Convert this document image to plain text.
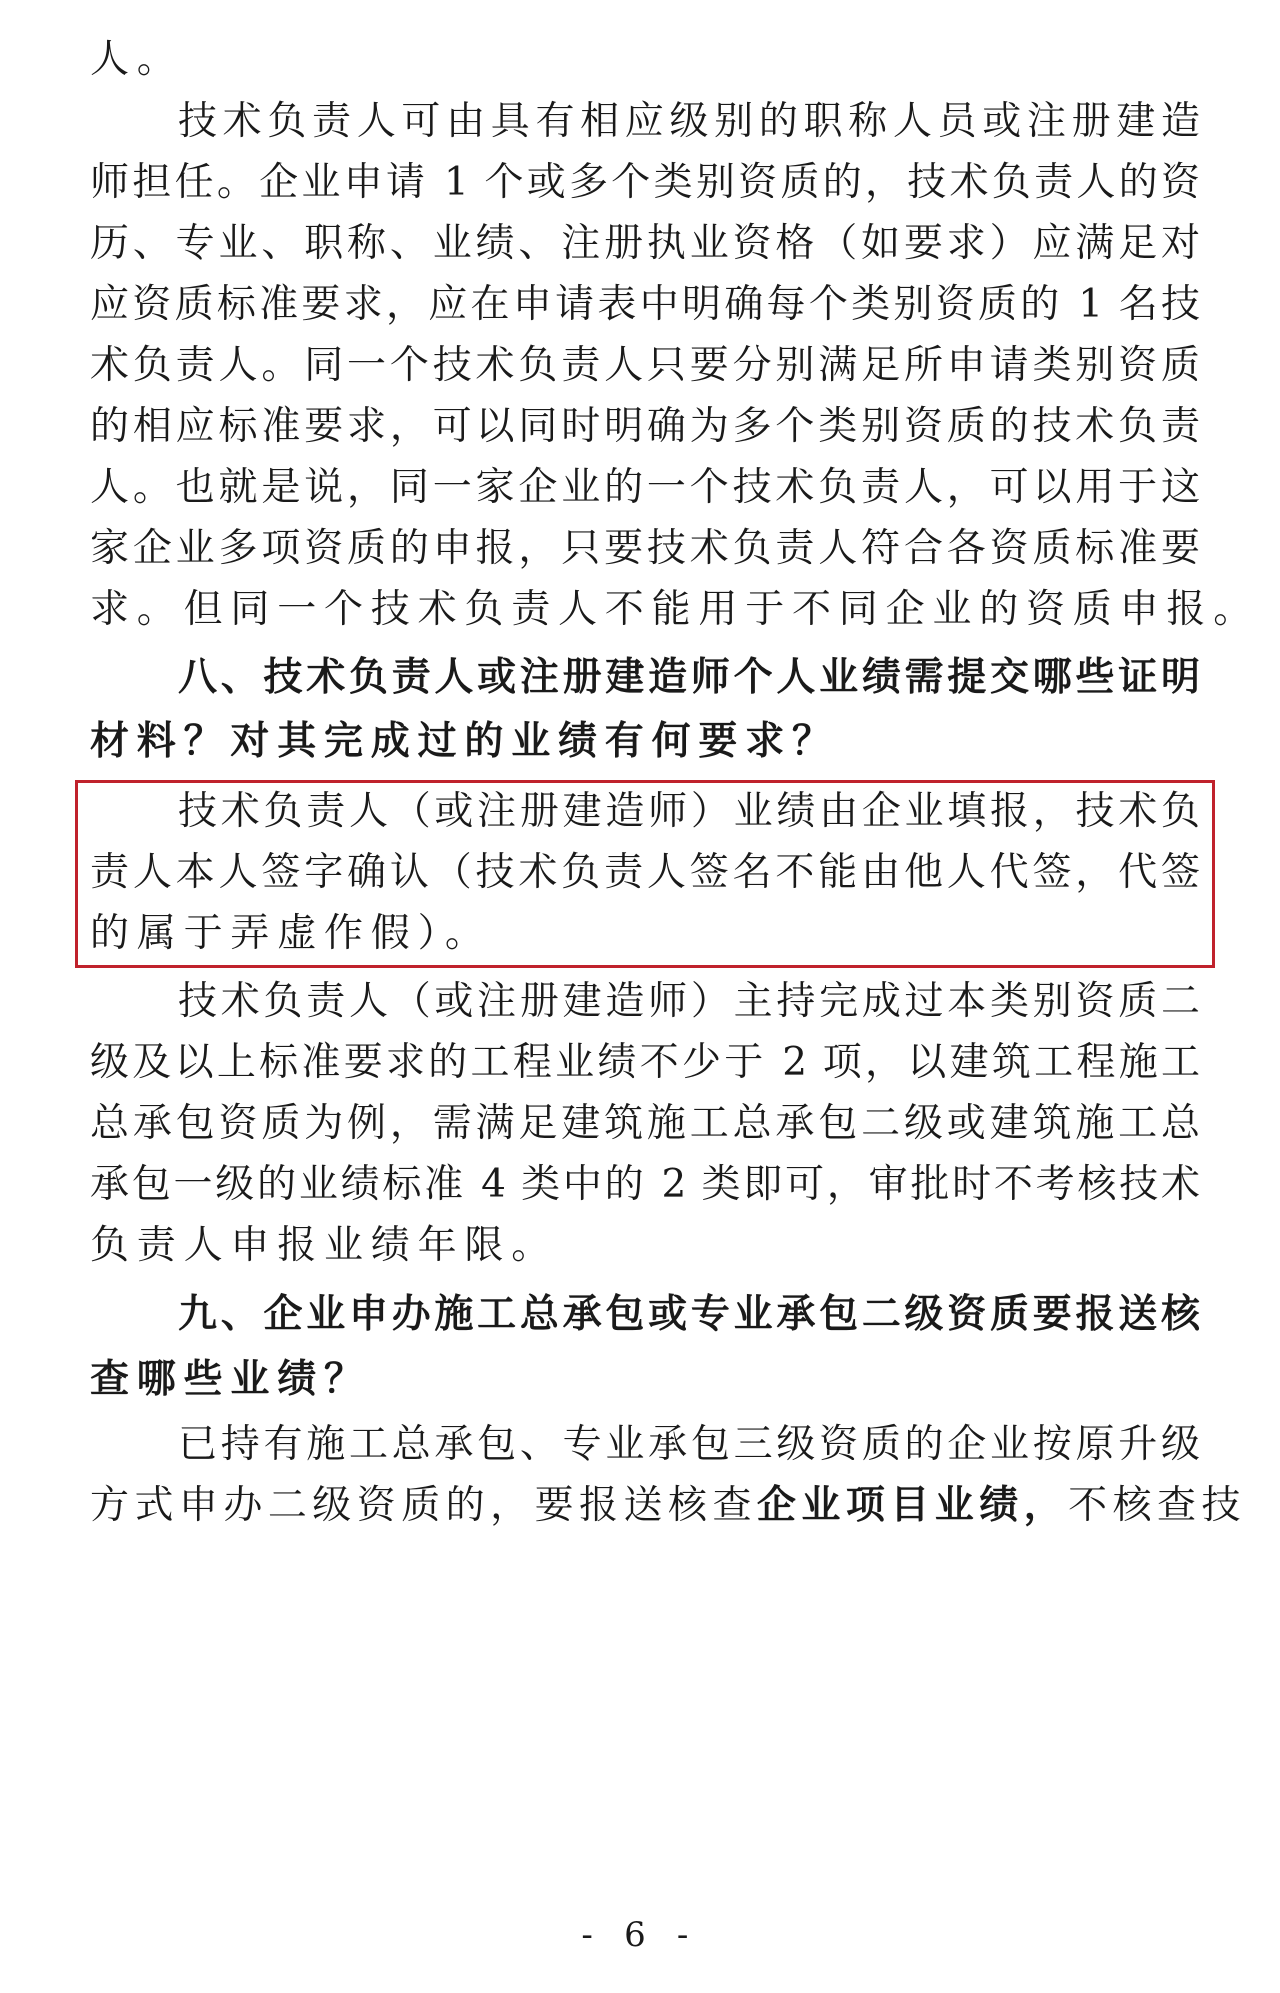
人。
技术负责人可由具有相应级别的职称人员或注册建造
师担任。企业申请 1 个或多个类别资质的，技术负责人的资
历、专业、职称、业绩、注册执业资格（如要求）应满足对
应资质标准要求，应在申请表中明确每个类别资质的 1 名技
术负责人。同一个技术负责人只要分别满足所申请类别资质
的相应标准要求，可以同时明确为多个类别资质的技术负责
人。也就是说，同一家企业的一个技术负责人，可以用于这
家企业多项资质的申报，只要技术负责人符合各资质标准要
求。但同一个技术负责人不能用于不同企业的资质申报。
八、技术负责人或注册建造师个人业绩需提交哪些证明
材料？对其完成过的业绩有何要求？
技术负责人（或注册建造师）业绩由企业填报，技术负
责人本人签字确认（技术负责人签名不能由他人代签，代签
的属于弄虚作假）。
技术负责人（或注册建造师）主持完成过本类别资质二
级及以上标准要求的工程业绩不少于 2 项，以建筑工程施工
总承包资质为例，需满足建筑施工总承包二级或建筑施工总
承包一级的业绩标准 4 类中的 2 类即可，审批时不考核技术
负责人申报业绩年限。
九、企业申办施工总承包或专业承包二级资质要报送核
查哪些业绩？
已持有施工总承包、专业承包三级资质的企业按原升级
方式申办二级资质的，要报送核查企业项目业绩，不核查技
- 6 -
